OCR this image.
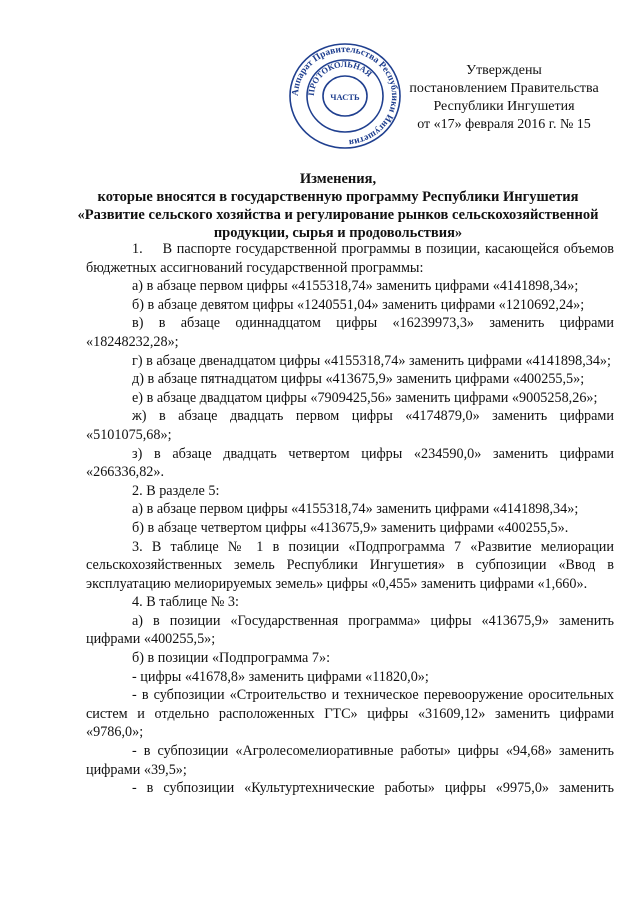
Аппарат Правительства Республики Ингушетия
ПРОТОКОЛЬНАЯ
ЧАСТЬ
Утверждены
постановлением Правительства
Республики Ингушетия
от «17» февраля 2016 г. № 15
Изменения,
которые вносятся в государственную программу Республики Ингушетия
«Развитие сельского хозяйства и регулирование рынков сельскохозяйственной
продукции, сырья и продовольствия»

1. В паспорте государственной программы в позиции, касающейся объемов бюджетных ассигнований государственной программы:

а) в абзаце первом цифры «4155318,74» заменить цифрами «4141898,34»;

б) в абзаце девятом цифры «1240551,04» заменить цифрами «1210692,24»;

в) в абзаце одиннадцатом цифры «16239973,3» заменить цифрами «18248232,28»;

г) в абзаце двенадцатом цифры «4155318,74» заменить цифрами «4141898,34»;

д) в абзаце пятнадцатом цифры «413675,9» заменить цифрами «400255,5»;

е) в абзаце двадцатом цифры «7909425,56» заменить цифрами «9005258,26»;

ж) в абзаце двадцать первом цифры «4174879,0» заменить цифрами «5101075,68»;

з) в абзаце двадцать четвертом цифры «234590,0» заменить цифрами «266336,82».

2. В разделе 5:

а) в абзаце первом цифры «4155318,74» заменить цифрами «4141898,34»;

б) в абзаце четвертом цифры «413675,9» заменить цифрами «400255,5».

3. В таблице № 1 в позиции «Подпрограмма 7 «Развитие мелиорации сельскохозяйственных земель Республики Ингушетия» в субпозиции «Ввод в эксплуатацию мелиорируемых земель» цифры «0,455» заменить цифрами «1,660».

4. В таблице № 3:

а) в позиции «Государственная программа» цифры «413675,9» заменить цифрами «400255,5»;

б) в позиции «Подпрограмма 7»:

- цифры «41678,8» заменить цифрами «11820,0»;

- в субпозиции «Строительство и техническое перевооружение оросительных систем и отдельно расположенных ГТС» цифры «31609,12» заменить цифрами «9786,0»;

- в субпозиции «Агролесомелиоративные работы» цифры «94,68» заменить цифрами «39,5»;

- в субпозиции «Культуртехнические работы» цифры «9975,0» заменить
